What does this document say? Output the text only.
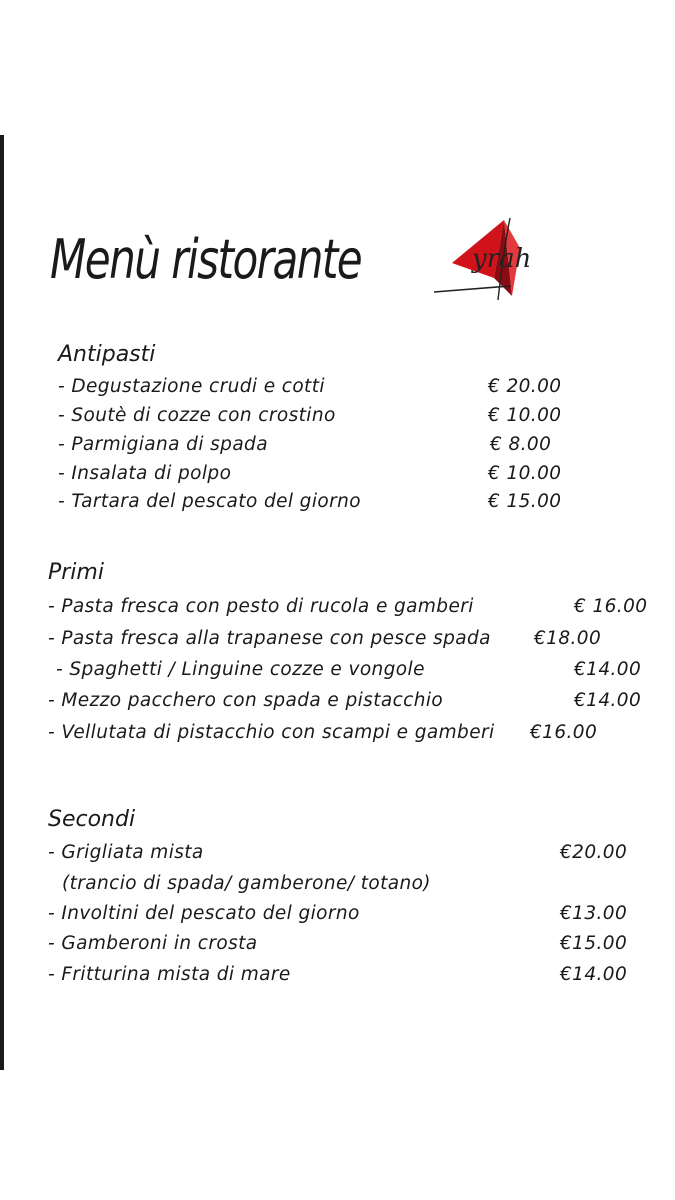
Menù ristorante	yrah
Antipasti
- Degustazione crudi e cotti	€ 20.00
- Soutè di cozze con crostino	€ 10.00
- Parmigiana di spada	€ 8.00
- Insalata di polpo	€ 10.00
- Tartara del pescato del giorno	€ 15.00
Primi
- Pasta fresca con pesto di rucola e gamberi	€ 16.00
- Pasta fresca alla trapanese con pesce spada €18.00
- Spaghetti / Linguine cozze e vongole	€14.00
- Mezzo pacchero con spada e pistacchio	€14.00
- Vellutata di pistacchio con scampi e gamberi €16.00
Secondi
- Grigliata mista	€20.00
(trancio di spada/ gamberone/ totano)
- Involtini del pescato del giorno	€13.00
- Gamberoni in crosta	€15.00
- Fritturina mista di mare	€14.00
